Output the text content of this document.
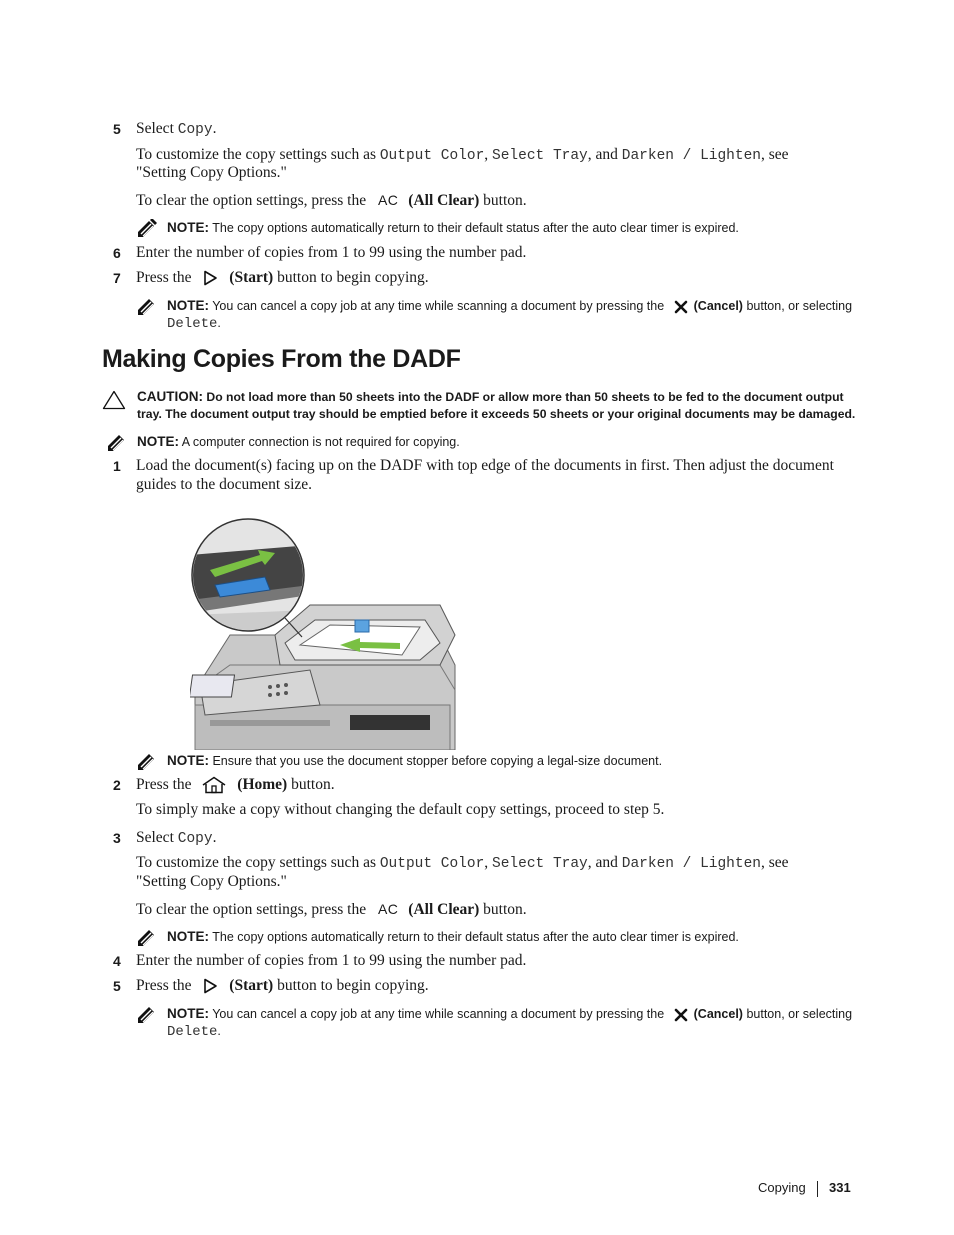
5 Select Copy.
To customize the copy settings such as Output Color, Select Tray, and Darken / Lighten, see
"Setting Copy Options."
To clear the option settings, press the AC (All Clear) button.
NOTE: The copy options automatically return to their default status after the auto clear timer is expired.
6 Enter the number of copies from 1 to 99 using the number pad.
7 Press the (Start) button to begin copying.
NOTE: You can cancel a copy job at any time while scanning a document by pressing the (Cancel) button, or selecting
Delete.
Making Copies From the DADF
CAUTION: Do not load more than 50 sheets into the DADF or allow more than 50 sheets to be fed to the document output tray. The document output tray should be emptied before it exceeds 50 sheets or your original documents may be damaged.
NOTE: A computer connection is not required for copying.
1 Load the document(s) facing up on the DADF with top edge of the documents in first. Then adjust the document
guides to the document size.
NOTE: Ensure that you use the document stopper before copying a legal-size document.
2 Press the	(Home) button.
To simply make a copy without changing the default copy settings, proceed to step 5.
3 Select Copy.
To customize the copy settings such as Output Color, Select Tray, and Darken / Lighten, see
"Setting Copy Options."
To clear the option settings, press the AC (All Clear) button.
NOTE: The copy options automatically return to their default status after the auto clear timer is expired.
4 Enter the number of copies from 1 to 99 using the number pad.
5 Press the (Start) button to begin copying.
NOTE: You can cancel a copy job at any time while scanning a document by pressing the (Cancel) button, or selecting
Delete.
Copying 331
